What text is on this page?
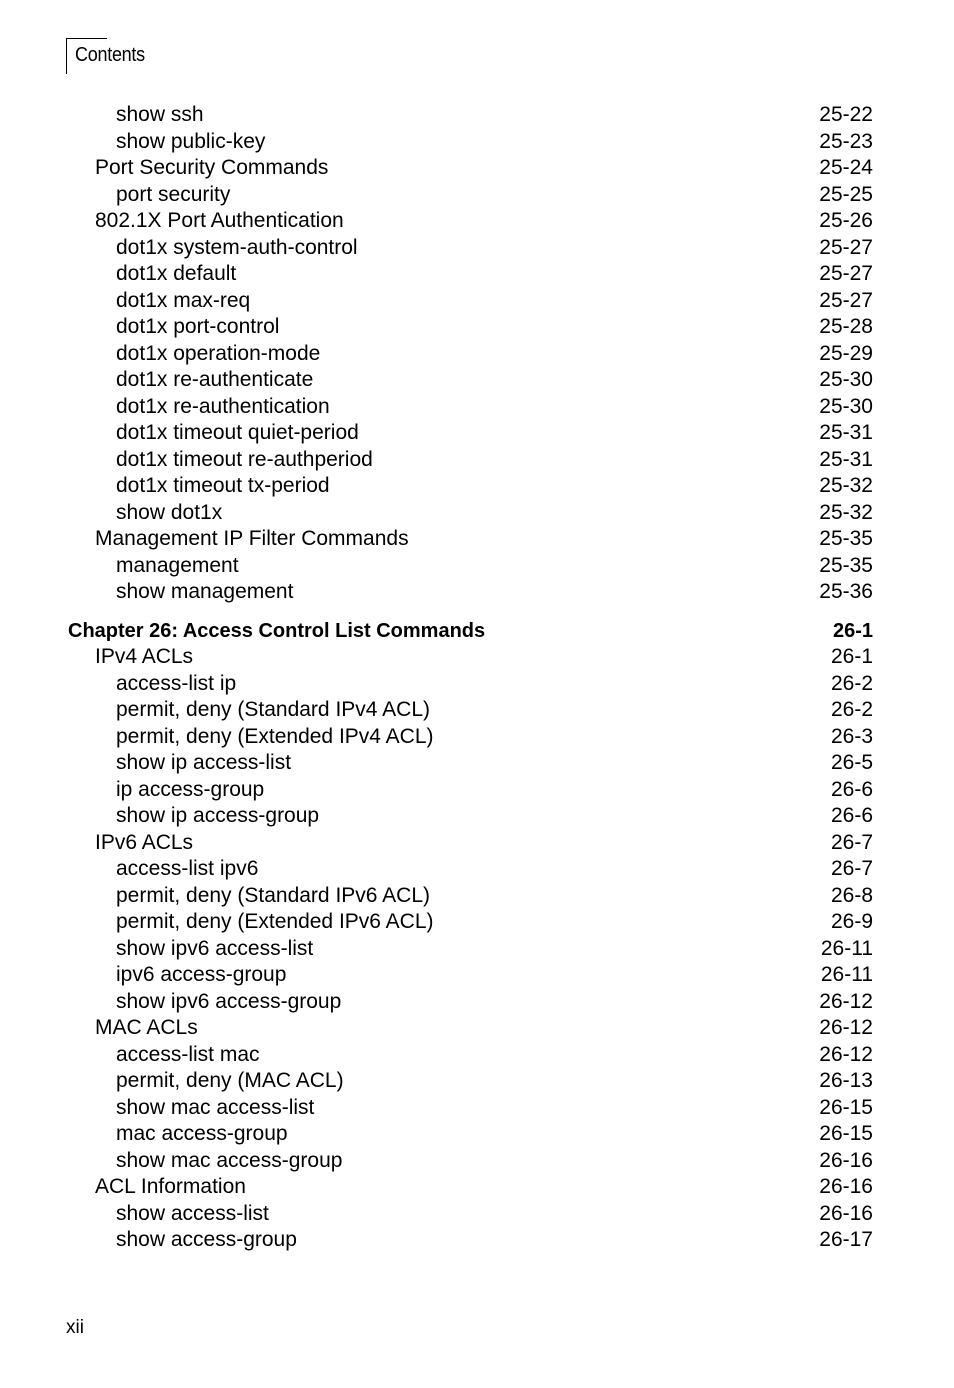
Contents
show ssh	25-22
show public-key	25-23
Port Security Commands	25-24
port security	25-25
802.1X Port Authentication	25-26
dot1x system-auth-control	25-27
dot1x default	25-27
dot1x max-req	25-27
dot1x port-control	25-28
dot1x operation-mode	25-29
dot1x re-authenticate	25-30
dot1x re-authentication	25-30
dot1x timeout quiet-period	25-31
dot1x timeout re-authperiod	25-31
dot1x timeout tx-period	25-32
show dot1x	25-32
Management IP Filter Commands	25-35
management	25-35
show management	25-36
Chapter 26: Access Control List Commands	26-1
IPv4 ACLs	26-1
access-list ip	26-2
permit, deny (Standard IPv4 ACL)	26-2
permit, deny (Extended IPv4 ACL)	26-3
show ip access-list	26-5
ip access-group	26-6
show ip access-group	26-6
IPv6 ACLs	26-7
access-list ipv6	26-7
permit, deny (Standard IPv6 ACL)	26-8
permit, deny (Extended IPv6 ACL)	26-9
show ipv6 access-list	26-11
ipv6 access-group	26-11
show ipv6 access-group	26-12
MAC ACLs	26-12
access-list mac	26-12
permit, deny (MAC ACL)	26-13
show mac access-list	26-15
mac access-group	26-15
show mac access-group	26-16
ACL Information	26-16
show access-list	26-16
show access-group	26-17
xii
